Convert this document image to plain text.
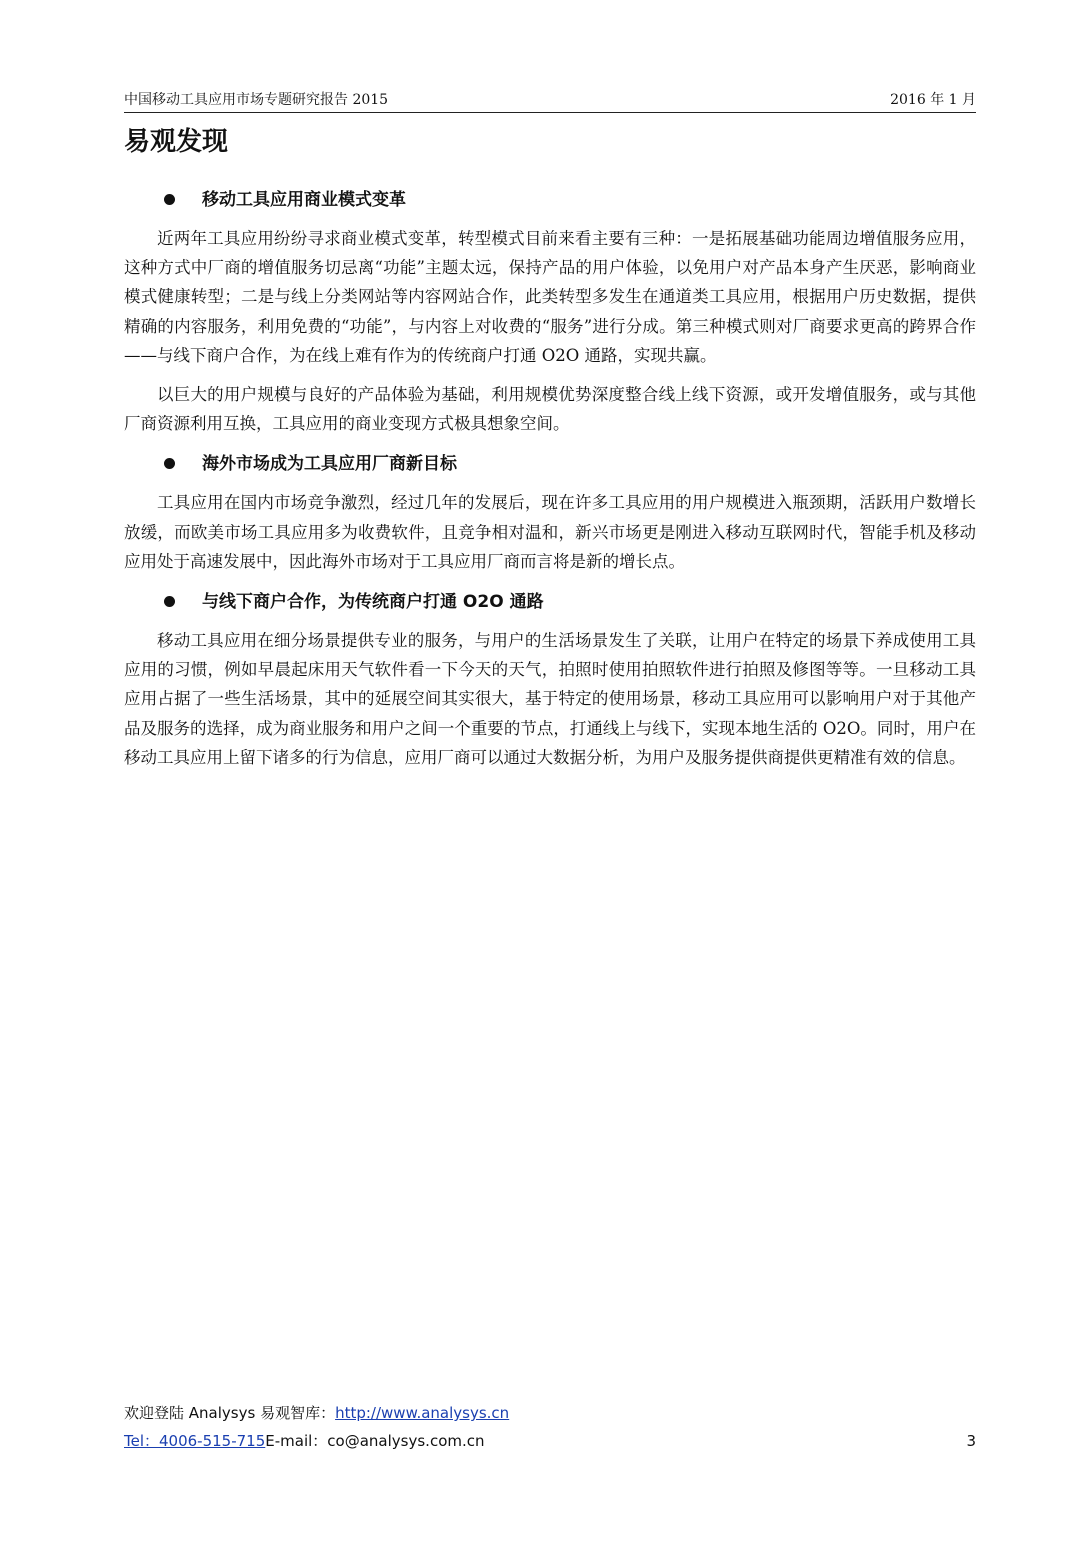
中国移动工具应用市场专题研究报告 2015	2016 年 1 月
易观发现
移动工具应用商业模式变革

近两年工具应用纷纷寻求商业模式变革，转型模式目前来看主要有三种：一是拓展基础功能周边增值服务应用，这种方式中厂商的增值服务切忌离“功能”主题太远，保持产品的用户体验，以免用户对产品本身产生厌恶，影响商业模式健康转型；二是与线上分类网站等内容网站合作，此类转型多发生在通道类工具应用，根据用户历史数据，提供精确的内容服务，利用免费的“功能”，与内容上对收费的“服务”进行分成。第三种模式则对厂商要求更高的跨界合作——与线下商户合作，为在线上难有作为的传统商户打通 O2O 通路，实现共赢。

以巨大的用户规模与良好的产品体验为基础，利用规模优势深度整合线上线下资源，或开发增值服务，或与其他厂商资源利用互换，工具应用的商业变现方式极具想象空间。

海外市场成为工具应用厂商新目标

工具应用在国内市场竞争激烈，经过几年的发展后，现在许多工具应用的用户规模进入瓶颈期，活跃用户数增长放缓，而欧美市场工具应用多为收费软件，且竞争相对温和，新兴市场更是刚进入移动互联网时代，智能手机及移动应用处于高速发展中，因此海外市场对于工具应用厂商而言将是新的增长点。

与线下商户合作，为传统商户打通 O2O 通路

移动工具应用在细分场景提供专业的服务，与用户的生活场景发生了关联，让用户在特定的场景下养成使用工具应用的习惯，例如早晨起床用天气软件看一下今天的天气，拍照时使用拍照软件进行拍照及修图等等。一旦移动工具应用占据了一些生活场景，其中的延展空间其实很大，基于特定的使用场景，移动工具应用可以影响用户对于其他产品及服务的选择，成为商业服务和用户之间一个重要的节点，打通线上与线下，实现本地生活的 O2O。同时，用户在移动工具应用上留下诸多的行为信息，应用厂商可以通过大数据分析，为用户及服务提供商提供更精准有效的信息。

欢迎登陆 Analysys 易观智库：http://www.analysys.cn
Tel：4006-515-715E-mail：co@analysys.com.cn	3
